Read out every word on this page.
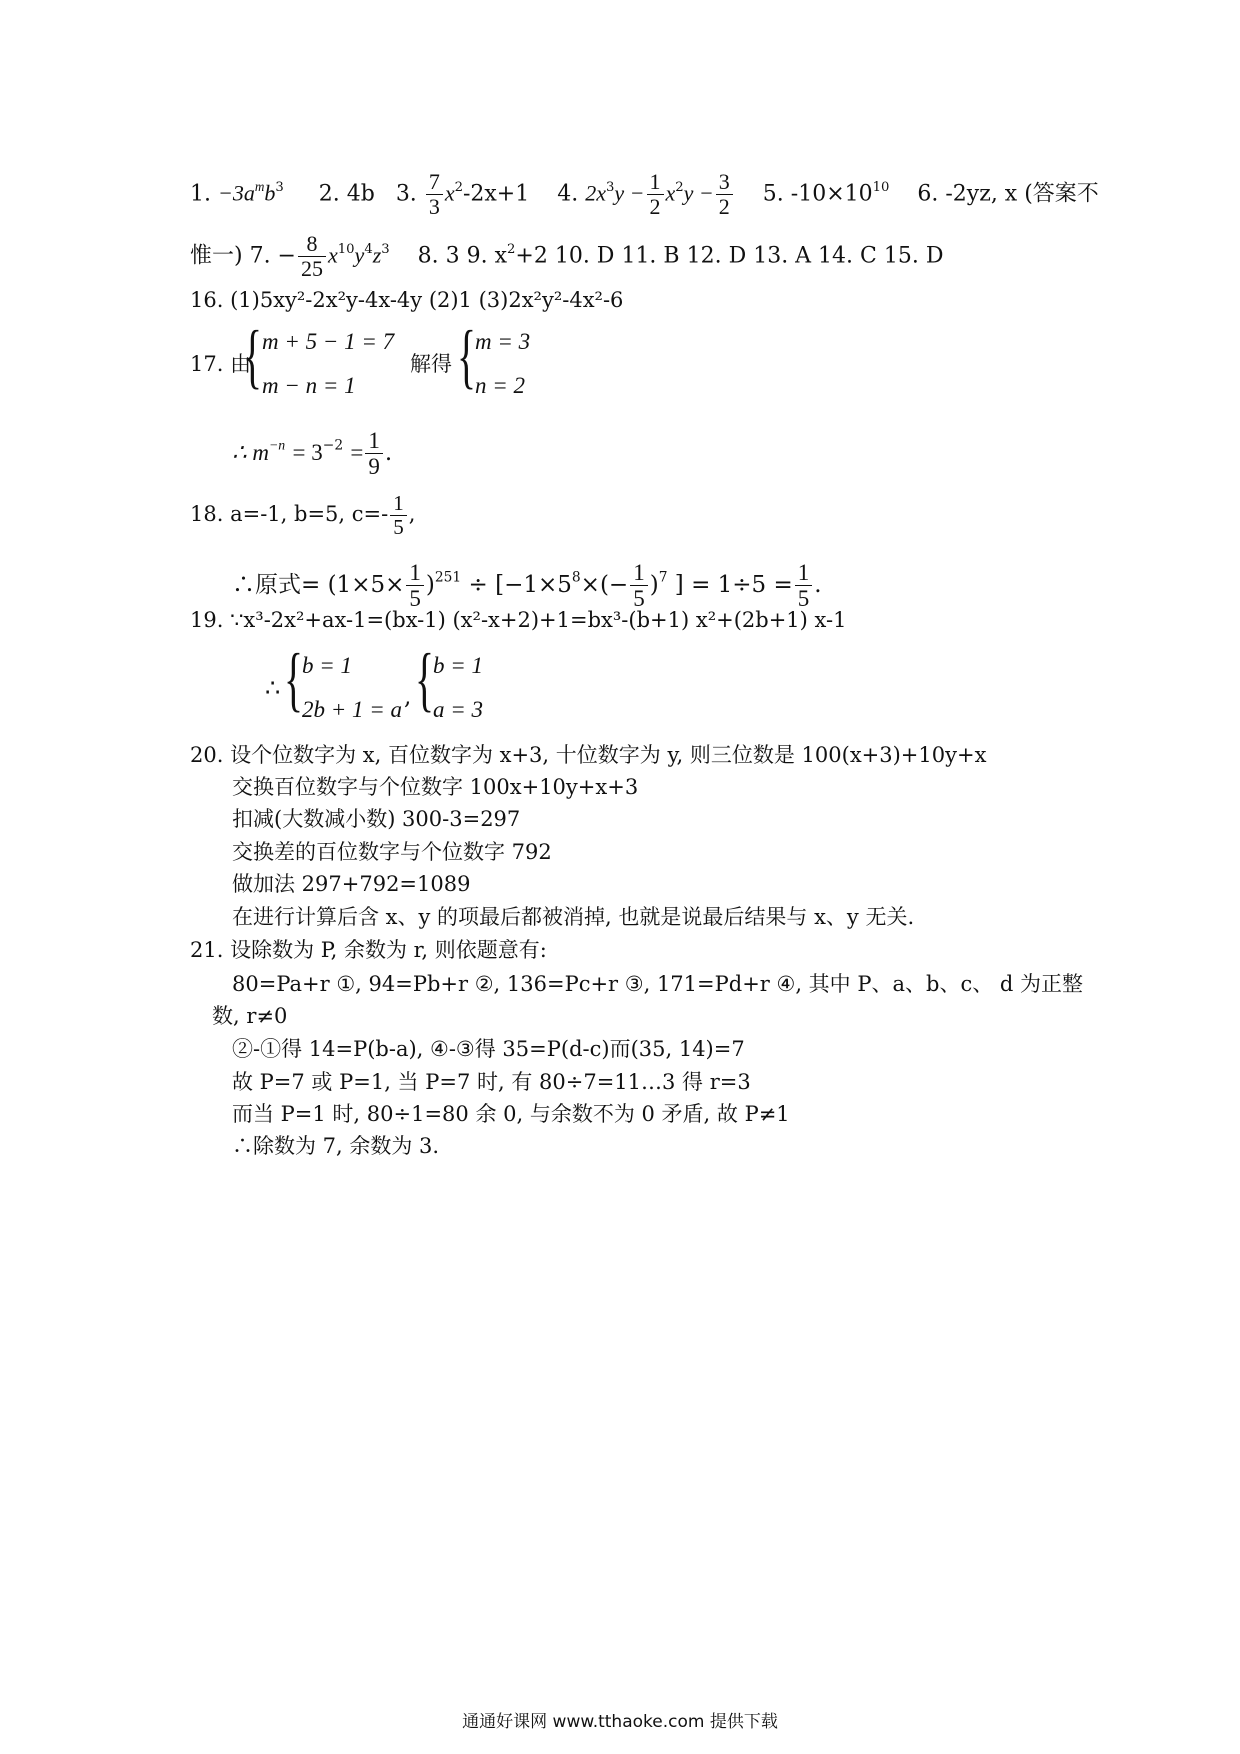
1. $-3a^mb^3$ 2. 4b 3. $\frac{7}{3} x^2-2x+1$ 4. $2x^3y - \frac{1}{2} x^2y - \frac{3}{2} 5$. $-10\times 10^{10}$ 6. -2yz, x (答案不
惟一) 7. − $\frac{8}{25} x^{10}y^4z^3$ 8. 3 9. $x^2+2$ 10. D 11. B 12. D 13. A 14. C 15. D
16. (1)5xy²-2x²y-4x-4y (2)1 (3)2x²y²-4x²-6
17. 由
{ m + 5 − 1 = 7
m − n = 1
解得 {
m = 3
n = 2
∴ $m^{-n} = 3^{-2} = \frac{1}{9}$ .
18. a=-1, b=5, $c=- \frac{1}{5}$ ,
∴原式= $(1\times 5\times \frac{1}{5} )^{251} \div [-1\times 5^8\times(- \frac{1}{5} )^7$ ] = $1\div 5 = \frac{1}{5}$ .
19. ∵x³-2x²+ax-1=(bx-1) (x²-x+2)+1=bx³-(b+1) x²+(2b+1) x-1
∴ {
b = 1
2b + 1 = a , {
b = 1
a = 3
20. 设个位数字为 x, 百位数字为 x+3, 十位数字为 y, 则三位数是 100(x+3)+10y+x
交换百位数字与个位数字 100x+10y+x+3
扣减(大数减小数) 300-3=297
交换差的百位数字与个位数字 792
做加法 297+792=1089
在进行计算后含 x、y 的项最后都被消掉, 也就是说最后结果与 x、y 无关.
21. 设除数为 P, 余数为 r, 则依题意有:
80=Pa+r ①, 94=Pb+r ②, 136=Pc+r ③, 171=Pd+r ④, 其中 P、a、b、c、 d 为正整
数, r≠0
②-①得 14=P(b-a), ④-③得 35=P(d-c)而(35, 14)=7
故 P=7 或 P=1, 当 P=7 时, 有 80÷7=11…3 得 r=3
而当 P=1 时, 80÷1=80 余 0, 与余数不为 0 矛盾, 故 P≠1
∴除数为 7, 余数为 3.
通通好课网 www.tthaoke.com 提供下载
